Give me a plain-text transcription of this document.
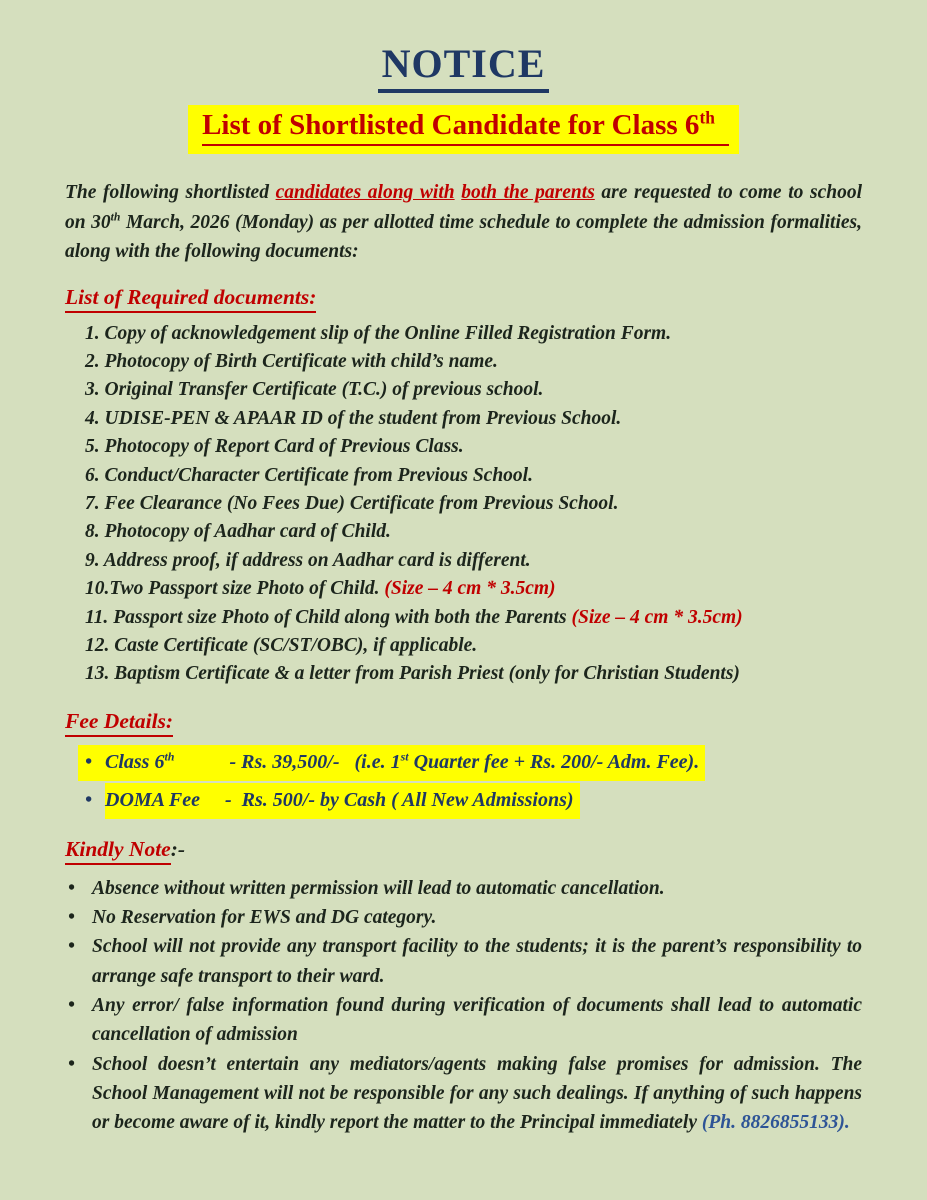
NOTICE
List of Shortlisted Candidate for Class 6th

The following shortlisted candidates along with both the parents are requested to come to school on 30th March, 2026 (Monday) as per allotted time schedule to complete the admission formalities, along with the following documents:

List of Required documents:
1. Copy of acknowledgement slip of the Online Filled Registration Form.
2. Photocopy of Birth Certificate with child’s name.
3. Original Transfer Certificate (T.C.) of previous school.
4. UDISE-PEN & APAAR ID of the student from Previous School.
5. Photocopy of Report Card of Previous Class.
6. Conduct/Character Certificate from Previous School.
7. Fee Clearance (No Fees Due) Certificate from Previous School.
8. Photocopy of Aadhar card of Child.
9. Address proof, if address on Aadhar card is different.
10.Two Passport size Photo of Child. (Size – 4 cm * 3.5cm)
11. Passport size Photo of Child along with both the Parents (Size – 4 cm * 3.5cm)
12. Caste Certificate (SC/ST/OBC), if applicable.
13. Baptism Certificate & a letter from Parish Priest (only for Christian Students)
Fee Details:
• Class 6th           - Rs. 39,500/-   (i.e. 1st Quarter fee + Rs. 200/- Adm. Fee).
• DOMA Fee     -  Rs. 500/- by Cash ( All New Admissions)
Kindly Note:-
• Absence without written permission will lead to automatic cancellation.
• No Reservation for EWS and DG category.
• School will not provide any transport facility to the students; it is the parent’s responsibility to arrange safe transport to their ward.
• Any error/ false information found during verification of documents shall lead to automatic cancellation of admission
• School doesn’t entertain any mediators/agents making false promises for admission. The School Management will not be responsible for any such dealings. If anything of such happens or become aware of it, kindly report the matter to the Principal immediately (Ph. 8826855133).
